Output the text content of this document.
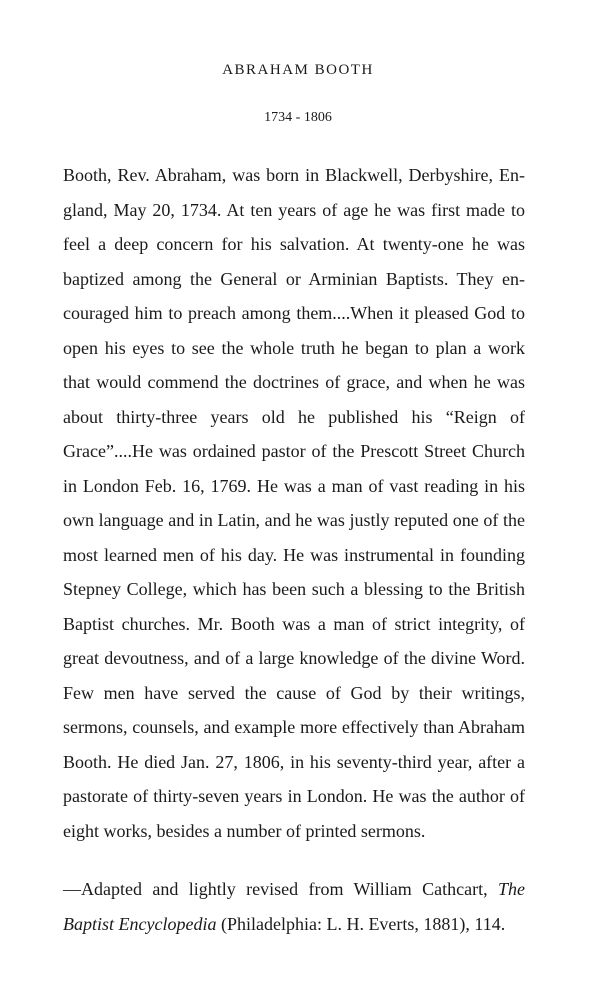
ABRAHAM BOOTH
1734 - 1806

Booth, Rev. Abraham, was born in Blackwell, Derbyshire, England, May 20, 1734. At ten years of age he was first made to feel a deep concern for his salvation. At twenty-one he was baptized among the General or Arminian Baptists. They encouraged him to preach among them....When it pleased God to open his eyes to see the whole truth he began to plan a work that would commend the doctrines of grace, and when he was about thirty-three years old he published his “Reign of Grace”....He was ordained pastor of the Prescott Street Church in London Feb. 16, 1769. He was a man of vast reading in his own language and in Latin, and he was justly reputed one of the most learned men of his day. He was instrumental in founding Stepney College, which has been such a blessing to the British Baptist churches. Mr. Booth was a man of strict integrity, of great devoutness, and of a large knowledge of the divine Word. Few men have served the cause of God by their writings, sermons, counsels, and example more effectively than Abraham Booth. He died Jan. 27, 1806, in his seventy-third year, after a pastorate of thirty-seven years in London. He was the author of eight works, besides a number of printed sermons.

—Adapted and lightly revised from William Cathcart, The Baptist Encyclopedia (Philadelphia: L. H. Everts, 1881), 114.
